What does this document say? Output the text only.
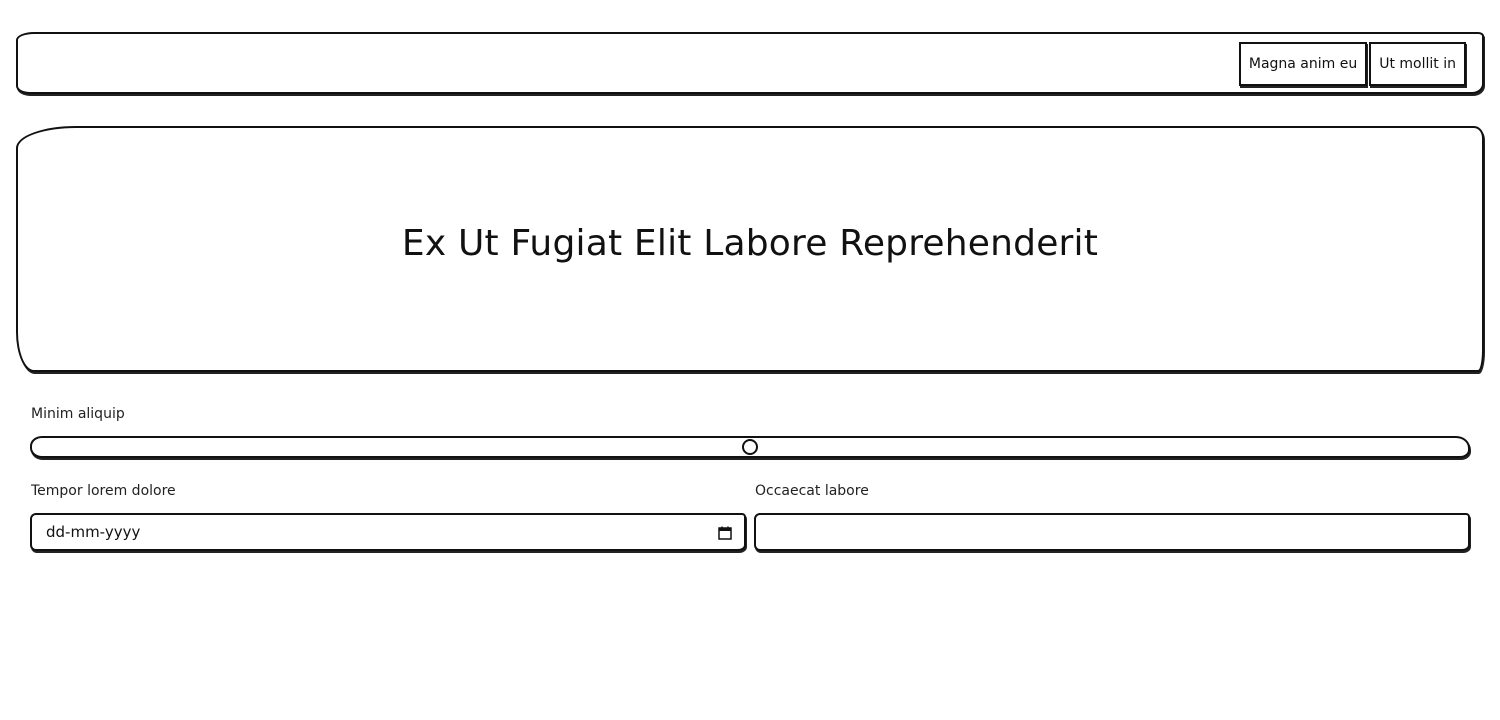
Magna anim eu	Ut mollit in
Ex Ut Fugiat Elit Labore Reprehenderit
Minim aliquip
Tempor lorem dolore
dd-mm-yyyy
Occaecat labore
